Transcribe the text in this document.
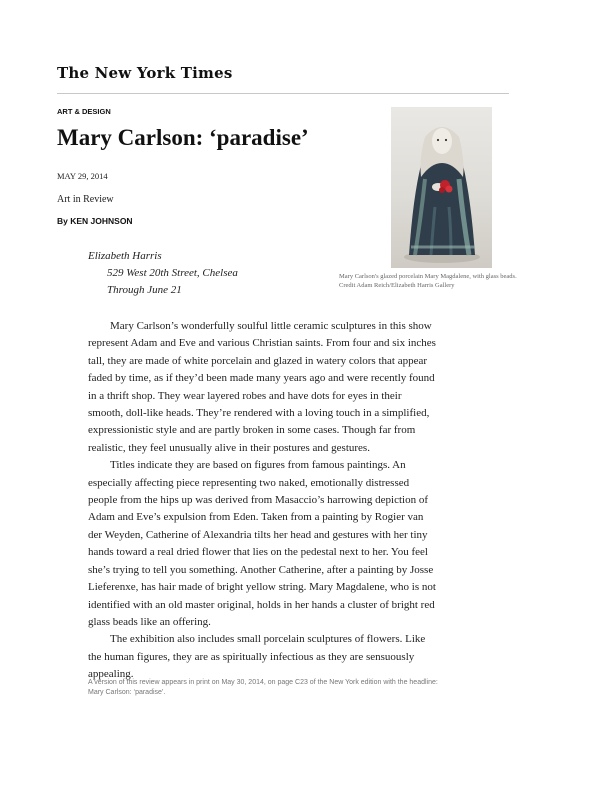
The New York Times
ART & DESIGN
Mary Carlson: ‘paradise’
MAY 29, 2014
Art in Review
By KEN JOHNSON
Elizabeth Harris
529 West 20th Street, Chelsea
Through June 21
Mary Carlson's glazed porcelain Mary Magdalene, with glass beads.
Credit Adam Reich/Elizabeth Harris Gallery

Mary Carlson’s wonderfully soulful little ceramic sculptures in this show represent Adam and Eve and various Christian saints. From four and six inches tall, they are made of white porcelain and glazed in watery colors that appear faded by time, as if they’d been made many years ago and were recently found in a thrift shop. They wear layered robes and have dots for eyes in their smooth, doll-like heads. They’re rendered with a loving touch in a simplified, expressionistic style and are partly broken in some cases. Though far from realistic, they feel unusually alive in their postures and gestures.

Titles indicate they are based on figures from famous paintings. An especially affecting piece representing two naked, emotionally distressed people from the hips up was derived from Masaccio’s harrowing depiction of Adam and Eve’s expulsion from Eden. Taken from a painting by Rogier van der Weyden, Catherine of Alexandria tilts her head and gestures with her tiny hands toward a real dried flower that lies on the pedestal next to her. You feel she’s trying to tell you something. Another Catherine, after a painting by Josse Lieferenxe, has hair made of bright yellow string. Mary Magdalene, who is not identified with an old master original, holds in her hands a cluster of bright red glass beads like an offering.

The exhibition also includes small porcelain sculptures of flowers. Like the human figures, they are as spiritually infectious as they are sensuously appealing.

A version of this review appears in print on May 30, 2014, on page C23 of the New York edition with the headline: Mary Carlson: ‘paradise’.
